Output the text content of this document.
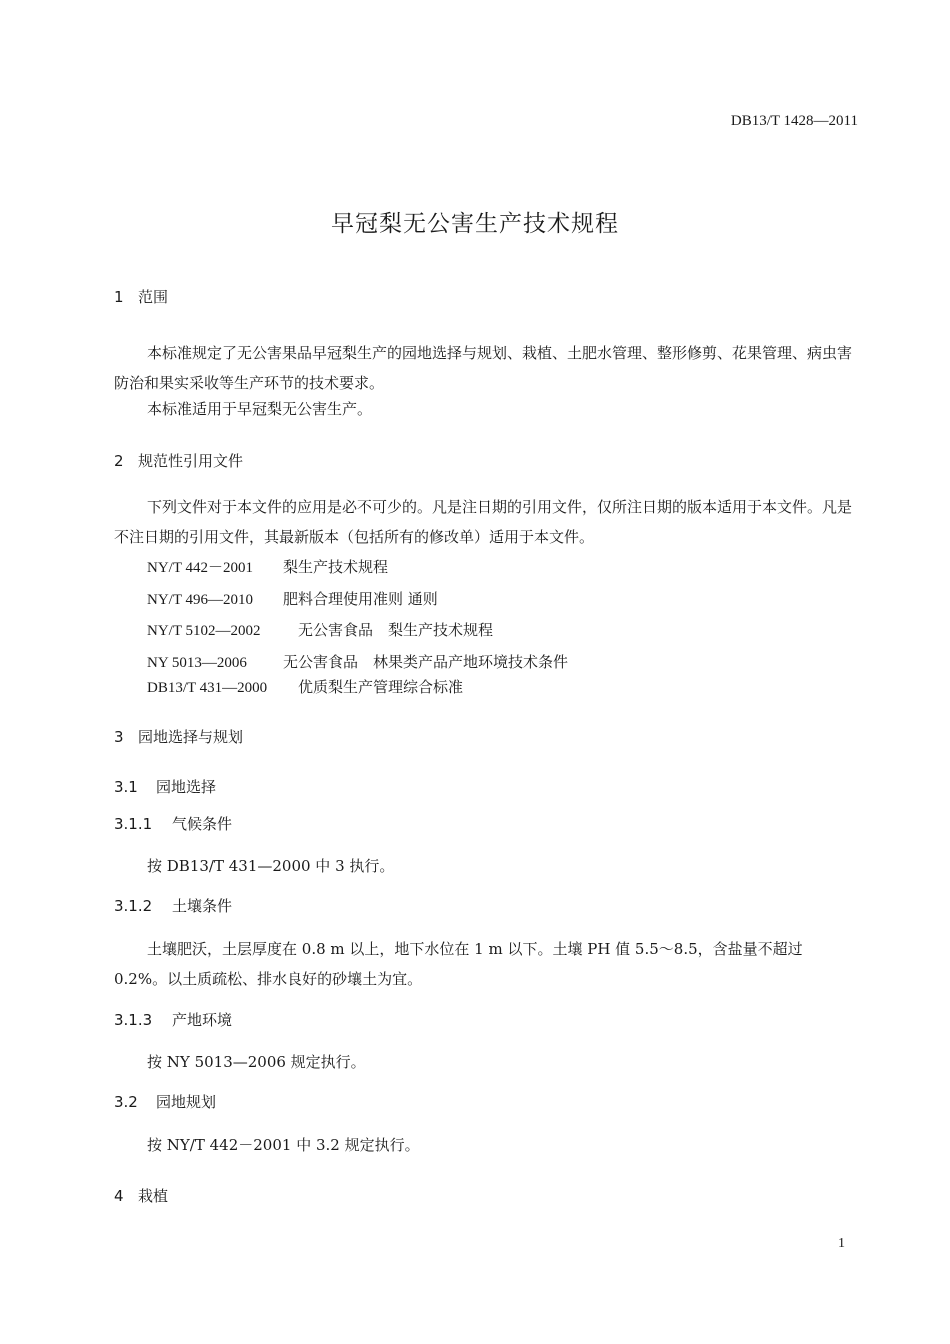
DB13/T 1428—2011
早冠梨无公害生产技术规程
1 范围
本标准规定了无公害果品早冠梨生产的园地选择与规划、栽植、土肥水管理、整形修剪、花果管理、病虫害防治和果实采收等生产环节的技术要求。
本标准适用于早冠梨无公害生产。
2 规范性引用文件
下列文件对于本文件的应用是必不可少的。凡是注日期的引用文件，仅所注日期的版本适用于本文件。凡是不注日期的引用文件，其最新版本（包括所有的修改单）适用于本文件。
NY/T 442－2001 梨生产技术规程
NY/T 496—2010 肥料合理使用准则 通则
NY/T 5102—2002	无公害食品　梨生产技术规程
NY 5013—2006 无公害食品　林果类产品产地环境技术条件
DB13/T 431—2000 优质梨生产管理综合标准
3 园地选择与规划
3.1 园地选择
3.1.1 气候条件
按 DB13/T 431—2000 中 3 执行。
3.1.2 土壤条件
土壤肥沃，土层厚度在 0.8 m 以上，地下水位在 1 m 以下。土壤 PH 值 5.5～8.5，含盐量不超过 0.2%。以土质疏松、排水良好的砂壤土为宜。
3.1.3 产地环境
按 NY 5013—2006 规定执行。
3.2 园地规划
按 NY/T 442－2001 中 3.2 规定执行。
4 栽植
1
